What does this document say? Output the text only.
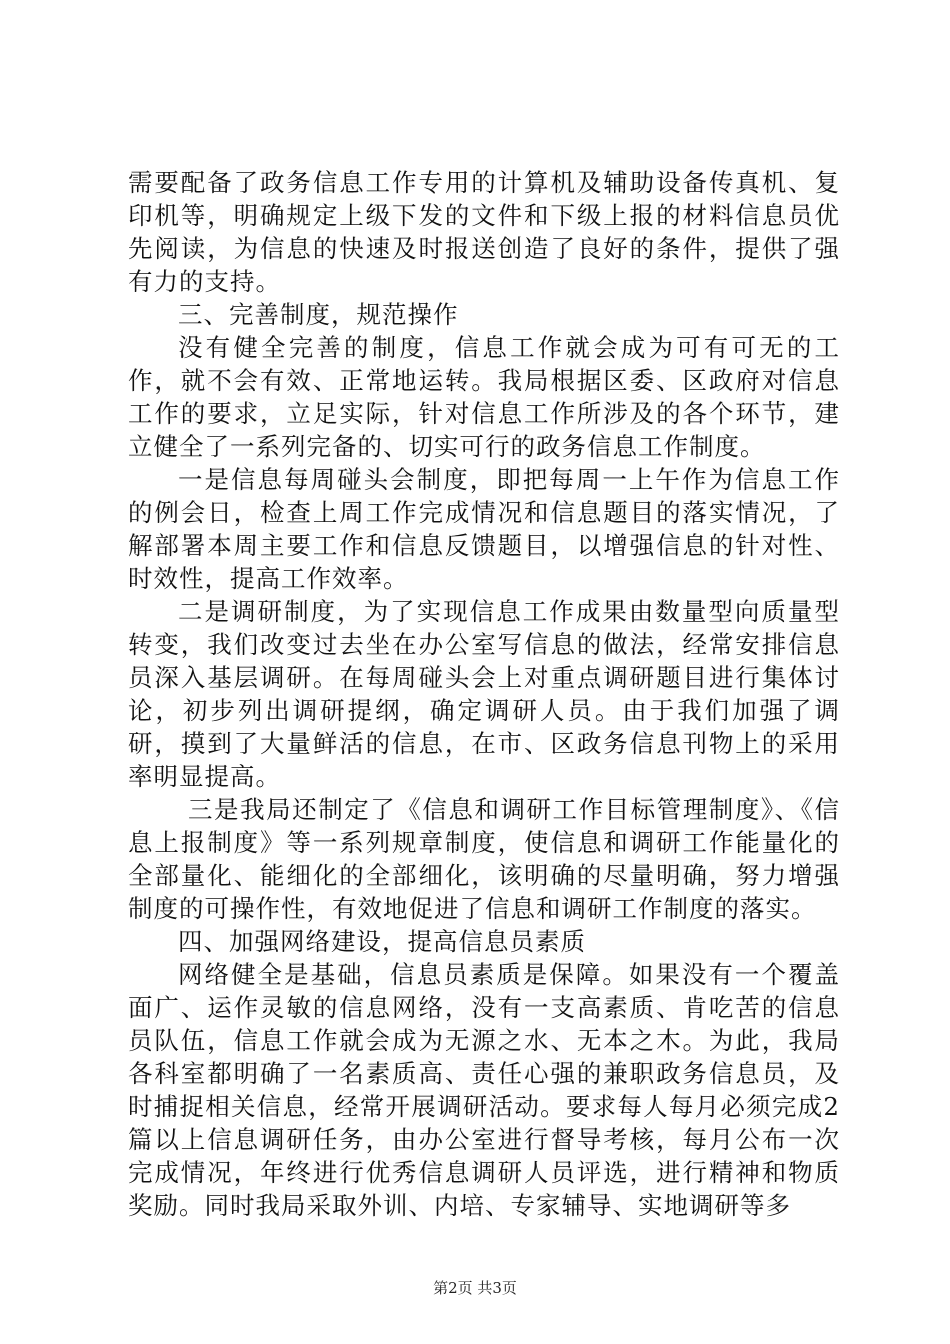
需要配备了政务信息工作专用的计算机及辅助设备传真机、复印机等，明确规定上级下发的文件和下级上报的材料信息员优先阅读，为信息的快速及时报送创造了良好的条件，提供了强有力的支持。

三、完善制度，规范操作

没有健全完善的制度，信息工作就会成为可有可无的工作，就不会有效、正常地运转。我局根据区委、区政府对信息工作的要求，立足实际，针对信息工作所涉及的各个环节，建立健全了一系列完备的、切实可行的政务信息工作制度。

一是信息每周碰头会制度，即把每周一上午作为信息工作的例会日，检查上周工作完成情况和信息题目的落实情况，了解部署本周主要工作和信息反馈题目，以增强信息的针对性、时效性，提高工作效率。

二是调研制度，为了实现信息工作成果由数量型向质量型转变，我们改变过去坐在办公室写信息的做法，经常安排信息员深入基层调研。在每周碰头会上对重点调研题目进行集体讨论，初步列出调研提纲，确定调研人员。由于我们加强了调研，摸到了大量鲜活的信息，在市、区政务信息刊物上的采用率明显提高。

三是我局还制定了《信息和调研工作目标管理制度》、《信息上报制度》等一系列规章制度，使信息和调研工作能量化的全部量化、能细化的全部细化，该明确的尽量明确，努力增强制度的可操作性，有效地促进了信息和调研工作制度的落实。

四、加强网络建设，提高信息员素质

网络健全是基础，信息员素质是保障。如果没有一个覆盖面广、运作灵敏的信息网络，没有一支高素质、肯吃苦的信息员队伍，信息工作就会成为无源之水、无本之木。为此，我局各科室都明确了一名素质高、责任心强的兼职政务信息员，及时捕捉相关信息，经常开展调研活动。要求每人每月必须完成2篇以上信息调研任务，由办公室进行督导考核，每月公布一次完成情况，年终进行优秀信息调研人员评选，进行精神和物质奖励。同时我局采取外训、内培、专家辅导、实地调研等多

第2页 共3页
